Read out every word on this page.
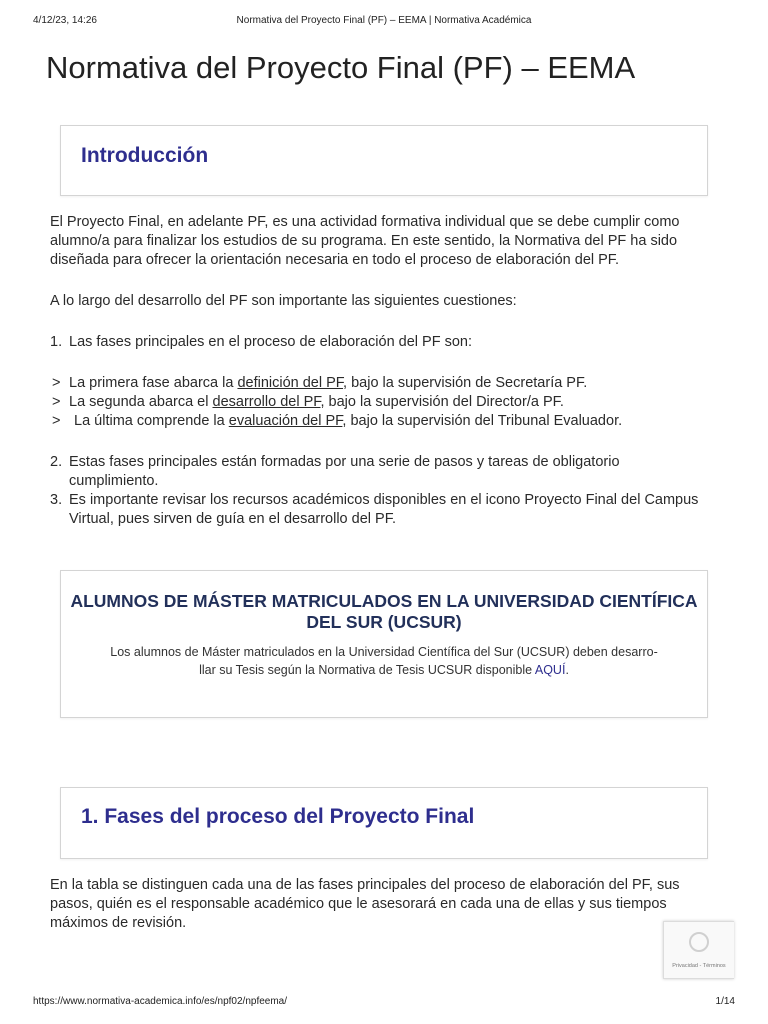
4/12/23, 14:26	Normativa del Proyecto Final (PF) – EEMA | Normativa Académica
Normativa del Proyecto Final (PF) – EEMA
Introducción
El Proyecto Final, en adelante PF, es una actividad formativa individual que se debe cumplir como alumno/a para finalizar los estudios de su programa. En este sentido, la Normativa del PF ha sido diseñada para ofrecer la orientación necesaria en todo el proceso de elaboración del PF.
A lo largo del desarrollo del PF son importante las siguientes cuestiones:
1. Las fases principales en el proceso de elaboración del PF son:
> La primera fase abarca la definición del PF, bajo la supervisión de Secretaría PF.
> La segunda abarca el desarrollo del PF, bajo la supervisión del Director/a PF.
> La última comprende la evaluación del PF, bajo la supervisión del Tribunal Evaluador.
2. Estas fases principales están formadas por una serie de pasos y tareas de obligatorio cumplimiento.
3. Es importante revisar los recursos académicos disponibles en el icono Proyecto Final del Campus Virtual, pues sirven de guía en el desarrollo del PF.
ALUMNOS DE MÁSTER MATRICULADOS EN LA UNIVERSIDAD CIENTÍFICA DEL SUR (UCSUR)

Los alumnos de Máster matriculados en la Universidad Científica del Sur (UCSUR) deben desarro-
llar su Tesis según la Normativa de Tesis UCSUR disponible AQUÍ.

1. Fases del proceso del Proyecto Final
En la tabla se distinguen cada una de las fases principales del proceso de elaboración del PF, sus pasos, quién es el responsable académico que le asesorará en cada una de ellas y sus tiempos máximos de revisión.
Privacidad - Términos
https://www.normativa-academica.info/es/npf02/npfeema/	1/14
